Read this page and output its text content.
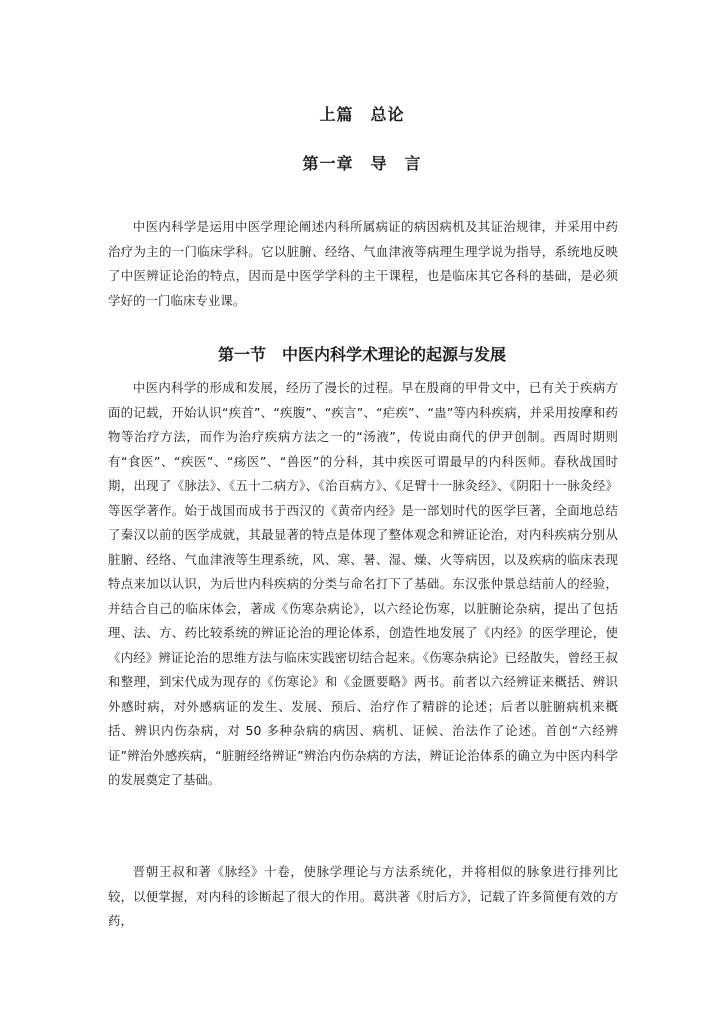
上篇　总论
第一章　导　言

中医内科学是运用中医学理论阐述内科所属病证的病因病机及其证治规律，并采用中药治疗为主的一门临床学科。它以脏腑、经络、气血津液等病理生理学说为指导，系统地反映了中医辨证论治的特点，因而是中医学学科的主干课程，也是临床其它各科的基础，是必须学好的一门临床专业课。

第一节　中医内科学术理论的起源与发展

中医内科学的形成和发展，经历了漫长的过程。早在殷商的甲骨文中，已有关于疾病方面的记载，开始认识“疾首”、“疾腹”、“疾言”、“疟疾”、“蛊”等内科疾病，并采用按摩和药物等治疗方法，而作为治疗疾病方法之一的“汤液”，传说由商代的伊尹创制。西周时期则有“食医”、“疾医”、“疡医”、“兽医”的分科，其中疾医可谓最早的内科医师。春秋战国时期，出现了《脉法》、《五十二病方》、《治百病方》、《足臂十一脉灸经》、《阴阳十一脉灸经》等医学著作。始于战国而成书于西汉的《黄帝内经》是一部划时代的医学巨著，全面地总结了秦汉以前的医学成就，其最显著的特点是体现了整体观念和辨证论治，对内科疾病分别从脏腑、经络、气血津液等生理系统，风、寒、暑、湿、燥、火等病因，以及疾病的临床表现特点来加以认识，为后世内科疾病的分类与命名打下了基础。东汉张仲景总结前人的经验，并结合自己的临床体会，著成《伤寒杂病论》，以六经论伤寒，以脏腑论杂病，提出了包括理、法、方、药比较系统的辨证论治的理论体系，创造性地发展了《内经》的医学理论，使《内经》辨证论治的思维方法与临床实践密切结合起来。《伤寒杂病论》已经散失，曾经王叔和整理，到宋代成为现存的《伤寒论》和《金匮要略》两书。前者以六经辨证来概括、辨识外感时病，对外感病证的发生、发展、预后、治疗作了精辟的论述；后者以脏腑病机来概括、辨识内伤杂病，对 50 多种杂病的病因、病机、证候、治法作了论述。首创“六经辨证”辨治外感疾病，“脏腑经络辨证”辨治内伤杂病的方法，辨证论治体系的确立为中医内科学的发展奠定了基础。

晋朝王叔和著《脉经》十卷，使脉学理论与方法系统化，并将相似的脉象进行排列比较，以便掌握，对内科的诊断起了很大的作用。葛洪著《肘后方》，记载了许多简便有效的方药，
